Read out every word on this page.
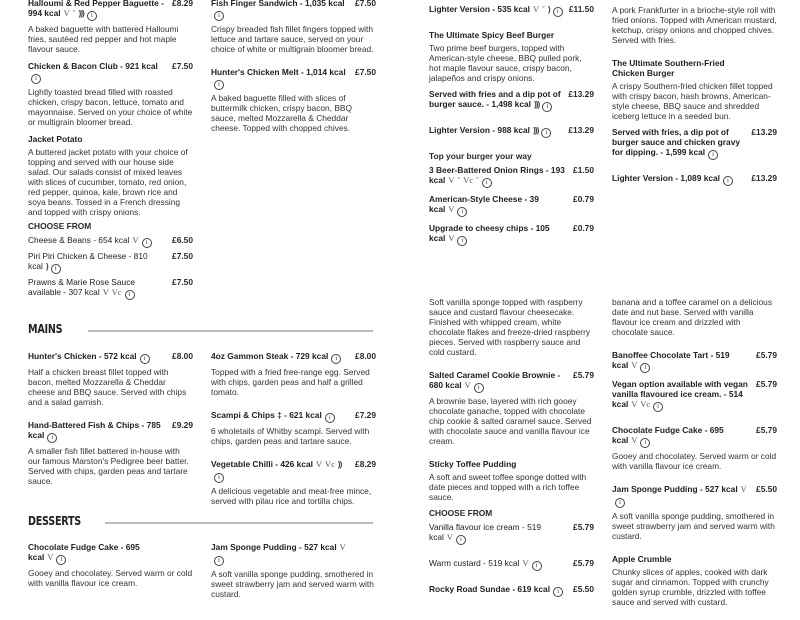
Halloumi & Red Pepper Baguette - 994 kcal V ˇ ))) i
£8.29
A baked baguette with battered Halloumi fries, sautéed red pepper and hot maple flavour sauce.
Chicken & Bacon Club - 921 kcali
£7.50
Lightly toasted bread filled with roasted chicken, crispy bacon, lettuce, tomato and mayonnaise. Served on your choice of white or multigrain bloomer bread.
Jacket Potato
A buttered jacket potato with your choice of topping and served with our house side salad. Our salads consist of mixed leaves with slices of cucumber, tomato, red onion, red pepper, quinoa, kale, brown rice and soya beans. Tossed in a French dressing and topped with crispy onions.
CHOOSE FROM
Cheese & Beans - 654 kcal V i	£6.50
Piri Piri Chicken & Cheese - 810 kcal ) i
£7.50
Prawns & Marie Rose Sauce available - 307 kcal V Vc i
£7.50
Fish Finger Sandwich - 1,035 kcali
£7.50
Crispy breaded fish fillet fingers topped with lettuce and tartare sauce, served on your choice of white or multigrain bloomer bread.
Hunter's Chicken Melt - 1,014 kcali
£7.50
A baked baguette filled with slices of buttermilk chicken, crispy bacon, BBQ sauce, melted Mozzarella & Cheddar cheese. Topped with chopped chives.
MAINS
Hunter's Chicken - 572 kcal i	£8.00
Half a chicken breast fillet topped with bacon, melted Mozzarella & Cheddar cheese and BBQ sauce. Served with chips and a salad garnish.
Hand-Battered Fish & Chips - 785 kcal i
£9.29
A smaller fish fillet battered in-house with our famous Marston's Pedigree beer batter. Served with chips, garden peas and tartare sauce.
4oz Gammon Steak - 729 kcal i	£8.00
Topped with a fried free-range egg. Served with chips, garden peas and half a grilled tomato.
Scampi & Chips ‡ - 621 kcal i	£7.29
6 wholetails of Whitby scampi. Served with chips, garden peas and tartare sauce.
Vegetable Chilli - 426 kcal V Vc ))i
£8.29
A delicious vegetable and meat-free mince, served with pilau rice and tortilla chips.
DESSERTS
Chocolate Fudge Cake - 695 kcal V i
Gooey and chocolatey. Served warm or cold with vanilla flavour ice cream.
Jam Sponge Pudding - 527 kcal Vi
A soft vanilla sponge pudding, smothered in sweet strawberry jam and served warm with custard.
Lighter Version - 535 kcal V ˇ ) i	£11.50
The Ultimate Spicy Beef Burger
Two prime beef burgers, topped with American-style cheese, BBQ pulled pork, hot maple flavour sauce, crispy bacon, jalapeños and crispy onions.
Served with fries and a dip pot of burger sauce. - 1,498 kcal ))) i
£13.29
Lighter Version - 988 kcal ))) i	£13.29
Top your burger your way
3 Beer-Battered Onion Rings - 193 kcal V ˇ Vc ˇ i
£1.50
American-Style Cheese - 39 kcal V i
£0.79
Upgrade to cheesy chips - 105 kcal V i
£0.79
A pork Frankfurter in a brioche-style roll with fried onions. Topped with American mustard, ketchup, crispy onions and chopped chives. Served with fries.
The Ultimate Southern-Fried Chicken Burger
A crispy Southern-fried chicken fillet topped with crispy bacon, hash browns, American-style cheese, BBQ sauce and shredded iceberg lettuce in a seeded bun.
Served with fries, a dip pot of burger sauce and chicken gravy for dipping. - 1,599 kcal i
£13.29
Lighter Version - 1,089 kcal i	£13.29
Soft vanilla sponge topped with raspberry sauce and custard flavour cheesecake. Finished with whipped cream, white chocolate flakes and freeze-dried raspberry pieces. Served with raspberry sauce and cold custard.
Salted Caramel Cookie Brownie - 680 kcal V i
£5.79
A brownie base, layered with rich gooey chocolate ganache, topped with chocolate chip cookie & salted caramel sauce. Served with chocolate sauce and vanilla flavour ice cream.
Sticky Toffee Pudding
A soft and sweet toffee sponge dotted with date pieces and topped with a rich toffee sauce.
CHOOSE FROM
Vanilla flavour ice cream - 519 kcal V i
£5.79
Warm custard - 519 kcal V i	£5.79
Rocky Road Sundae - 619 kcal i	£5.50
banana and a toffee caramel on a delicious date and nut base. Served with vanilla flavour ice cream and drizzled with chocolate sauce.
Banoffee Chocolate Tart - 519 kcal V i
£5.79
Vegan option available with vegan vanilla flavoured ice cream. - 514 kcal V Vc i
£5.79
Chocolate Fudge Cake - 695 kcal V i
£5.79
Gooey and chocolatey. Served warm or cold with vanilla flavour ice cream.
Jam Sponge Pudding - 527 kcal Vi
£5.50
A soft vanilla sponge pudding, smothered in sweet strawberry jam and served warm with custard.
Apple Crumble
Chunky slices of apples, cooked with dark sugar and cinnamon. Topped with crunchy golden syrup crumble, drizzled with toffee sauce and served with custard.
